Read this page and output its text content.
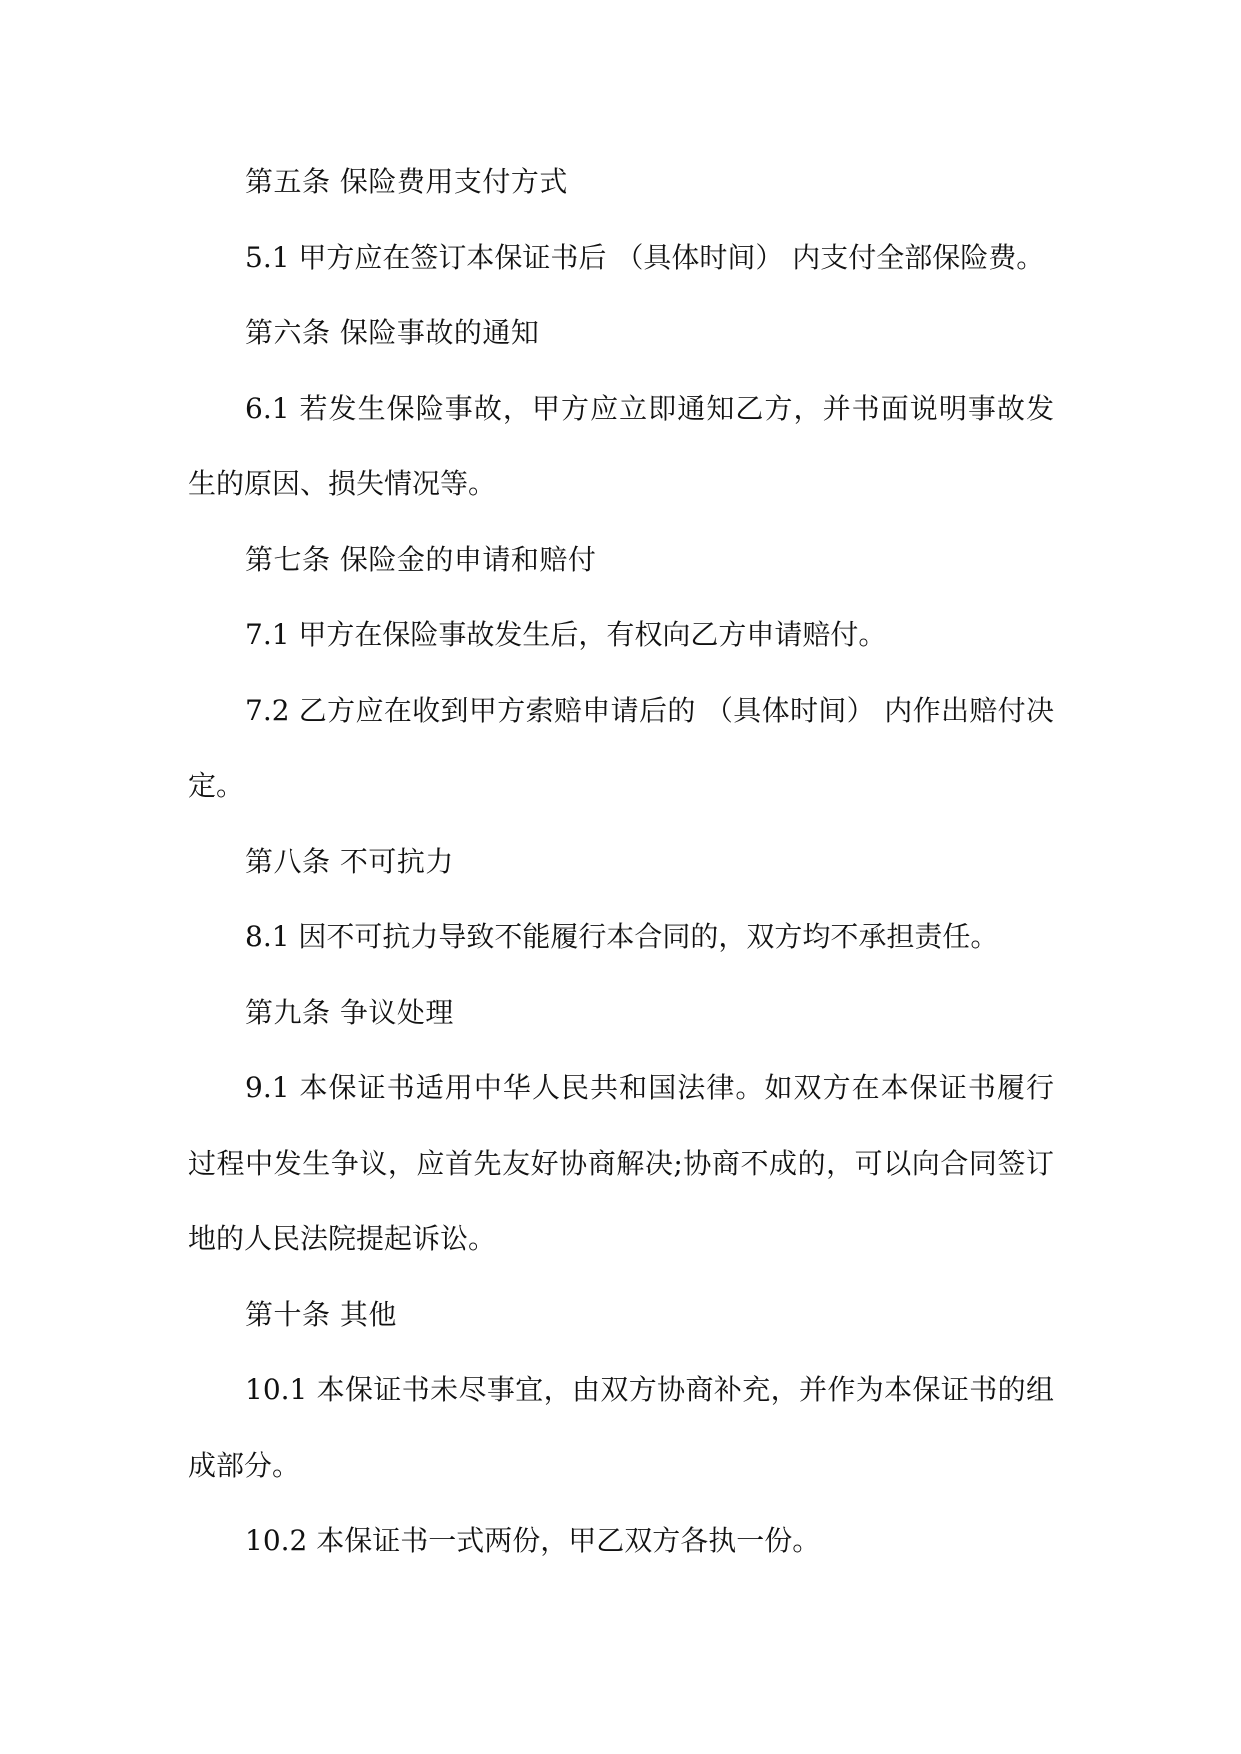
第五条 保险费用支付方式

5.1 甲方应在签订本保证书后 （具体时间） 内支付全部保险费。

第六条 保险事故的通知

6.1 若发生保险事故，甲方应立即通知乙方，并书面说明事故发生的原因、损失情况等。

第七条 保险金的申请和赔付

7.1 甲方在保险事故发生后，有权向乙方申请赔付。

7.2 乙方应在收到甲方索赔申请后的 （具体时间） 内作出赔付决定。

第八条 不可抗力

8.1 因不可抗力导致不能履行本合同的，双方均不承担责任。

第九条 争议处理

9.1 本保证书适用中华人民共和国法律。如双方在本保证书履行过程中发生争议，应首先友好协商解决;协商不成的，可以向合同签订地的人民法院提起诉讼。

第十条 其他

10.1 本保证书未尽事宜，由双方协商补充，并作为本保证书的组成部分。

10.2 本保证书一式两份，甲乙双方各执一份。
